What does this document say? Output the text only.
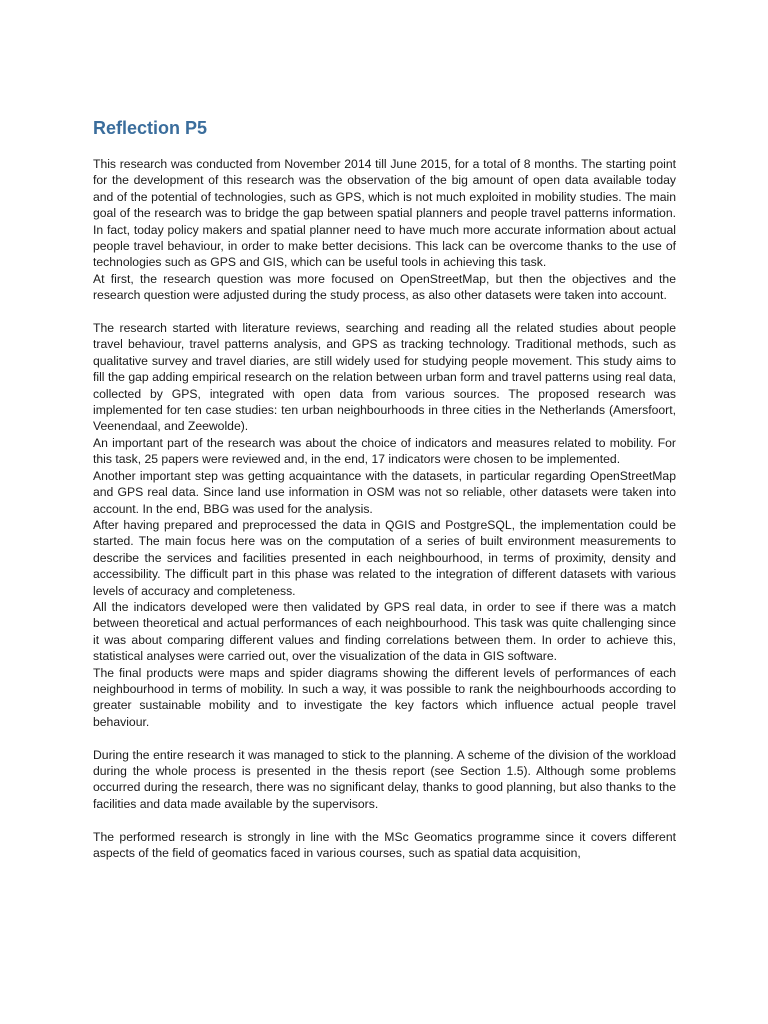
Reflection P5

This research was conducted from November 2014 till June 2015, for a total of 8 months. The starting point for the development of this research was the observation of the big amount of open data available today and of the potential of technologies, such as GPS, which is not much exploited in mobility studies. The main goal of the research was to bridge the gap between spatial planners and people travel patterns information. In fact, today policy makers and spatial planner need to have much more accurate information about actual people travel behaviour, in order to make better decisions. This lack can be overcome thanks to the use of technologies such as GPS and GIS, which can be useful tools in achieving this task.

At first, the research question was more focused on OpenStreetMap, but then the objectives and the research question were adjusted during the study process, as also other datasets were taken into account.

The research started with literature reviews, searching and reading all the related studies about people travel behaviour, travel patterns analysis, and GPS as tracking technology. Traditional methods, such as qualitative survey and travel diaries, are still widely used for studying people movement. This study aims to fill the gap adding empirical research on the relation between urban form and travel patterns using real data, collected by GPS, integrated with open data from various sources. The proposed research was implemented for ten case studies: ten urban neighbourhoods in three cities in the Netherlands (Amersfoort, Veenendaal, and Zeewolde).

An important part of the research was about the choice of indicators and measures related to mobility. For this task, 25 papers were reviewed and, in the end, 17 indicators were chosen to be implemented.

Another important step was getting acquaintance with the datasets, in particular regarding OpenStreetMap and GPS real data. Since land use information in OSM was not so reliable, other datasets were taken into account. In the end, BBG was used for the analysis.

After having prepared and preprocessed the data in QGIS and PostgreSQL, the implementation could be started. The main focus here was on the computation of a series of built environment measurements to describe the services and facilities presented in each neighbourhood, in terms of proximity, density and accessibility. The difficult part in this phase was related to the integration of different datasets with various levels of accuracy and completeness.

All the indicators developed were then validated by GPS real data, in order to see if there was a match between theoretical and actual performances of each neighbourhood. This task was quite challenging since it was about comparing different values and finding correlations between them. In order to achieve this, statistical analyses were carried out, over the visualization of the data in GIS software.

The final products were maps and spider diagrams showing the different levels of performances of each neighbourhood in terms of mobility. In such a way, it was possible to rank the neighbourhoods according to greater sustainable mobility and to investigate the key factors which influence actual people travel behaviour.

During the entire research it was managed to stick to the planning. A scheme of the division of the workload during the whole process is presented in the thesis report (see Section 1.5). Although some problems occurred during the research, there was no significant delay, thanks to good planning, but also thanks to the facilities and data made available by the supervisors.

The performed research is strongly in line with the MSc Geomatics programme since it covers different aspects of the field of geomatics faced in various courses, such as spatial data acquisition,
